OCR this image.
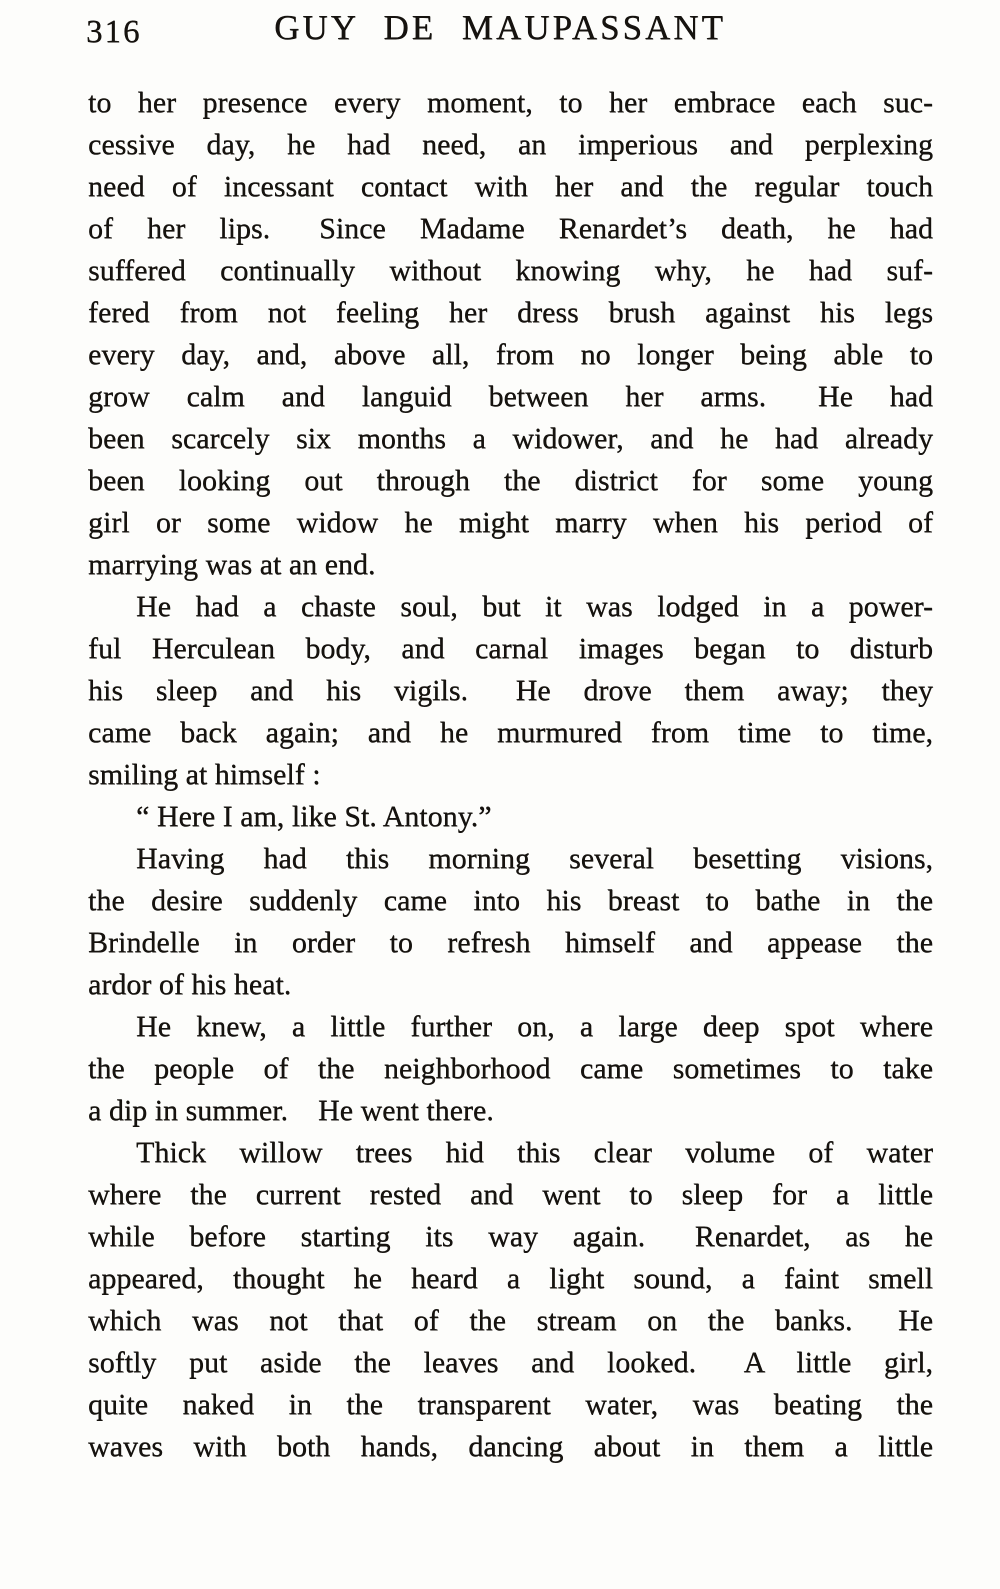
316	GUY DE MAUPASSANT
to her presence every moment, to her embrace each suc-
cessive day, he had need, an imperious and perplexing
need of incessant contact with her and the regular touch
of her lips.  Since Madame Renardet’s death, he had
suffered continually without knowing why, he had suf-
fered from not feeling her dress brush against his legs
every day, and, above all, from no longer being able to
grow calm and languid between her arms.  He had
been scarcely six months a widower, and he had already
been looking out through the district for some young
girl or some widow he might marry when his period of
marrying was at an end.
He had a chaste soul, but it was lodged in a power-
ful Herculean body, and carnal images began to disturb
his sleep and his vigils.  He drove them away; they
came back again; and he murmured from time to time,
smiling at himself :
“ Here I am, like St. Antony.”
Having had this morning several besetting visions,
the desire suddenly came into his breast to bathe in the
Brindelle in order to refresh himself and appease the
ardor of his heat.
He knew, a little further on, a large deep spot where
the people of the neighborhood came sometimes to take
a dip in summer.   He went there.
Thick willow trees hid this clear volume of water
where the current rested and went to sleep for a little
while before starting its way again.  Renardet, as he
appeared, thought he heard a light sound, a faint smell
which was not that of the stream on the banks.  He
softly put aside the leaves and looked.  A little girl,
quite naked in the transparent water, was beating the
waves with both hands, dancing about in them a little
